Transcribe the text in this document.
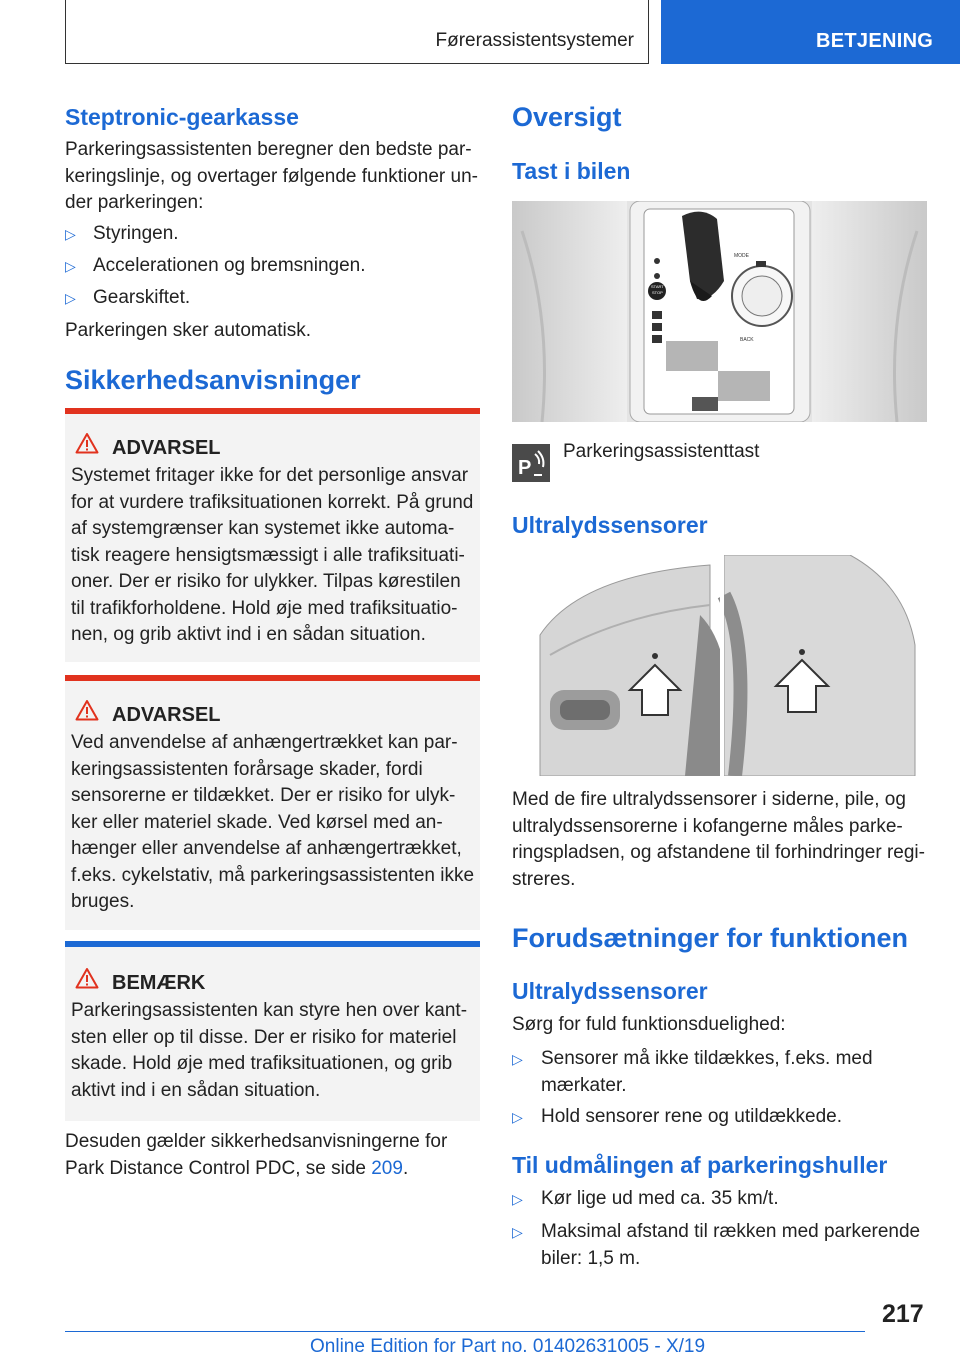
Førerassistentsystemer	BETJENING
Steptronic-gearkasse
Parkeringsassistenten beregner den bedste par-
keringslinje, og overtager følgende funktioner un-
der parkeringen:
▷ Styringen.
▷ Accelerationen og bremsningen.
▷ Gearskiftet.
Parkeringen sker automatisk.
Sikkerhedsanvisninger
ADVARSEL
Systemet fritager ikke for det personlige ansvar
for at vurdere trafiksituationen korrekt. På grund
af systemgrænser kan systemet ikke automa-
tisk reagere hensigtsmæssigt i alle trafiksituati-
oner. Der er risiko for ulykker. Tilpas kørestilen
til trafikforholdene. Hold øje med trafiksituatio-
nen, og grib aktivt ind i en sådan situation.
ADVARSEL
Ved anvendelse af anhængertrækket kan par-
keringsassistenten forårsage skader, fordi
sensorerne er tildækket. Der er risiko for ulyk-
ker eller materiel skade. Ved kørsel med an-
hænger eller anvendelse af anhængertrækket,
f.eks. cykelstativ, må parkeringsassistenten ikke
bruges.
BEMÆRK
Parkeringsassistenten kan styre hen over kant-
sten eller op til disse. Der er risiko for materiel
skade. Hold øje med trafiksituationen, og grib
aktivt ind i en sådan situation.
Desuden gælder sikkerhedsanvisningerne for
Park Distance Control PDC, se side 209.
Oversigt
Tast i bilen
START
STOP
MODE
BACK
P
Parkeringsassistenttast
Ultralydssensorer
Med de fire ultralydssensorer i siderne, pile, og
ultralydssensorerne i kofangerne måles parke-
ringspladsen, og afstandene til forhindringer regi-
streres.
Forudsætninger for funktionen
Ultralydssensorer
Sørg for fuld funktionsduelighed:
▷ Sensorer må ikke tildækkes, f.eks. med
mærkater.
▷ Hold sensorer rene og utildækkede.
Til udmålingen af parkeringshuller
▷ Kør lige ud med ca. 35 km/t.
▷ Maksimal afstand til rækken med parkerende
biler: 1,5 m.
217
Online Edition for Part no. 01402631005 - X/19
